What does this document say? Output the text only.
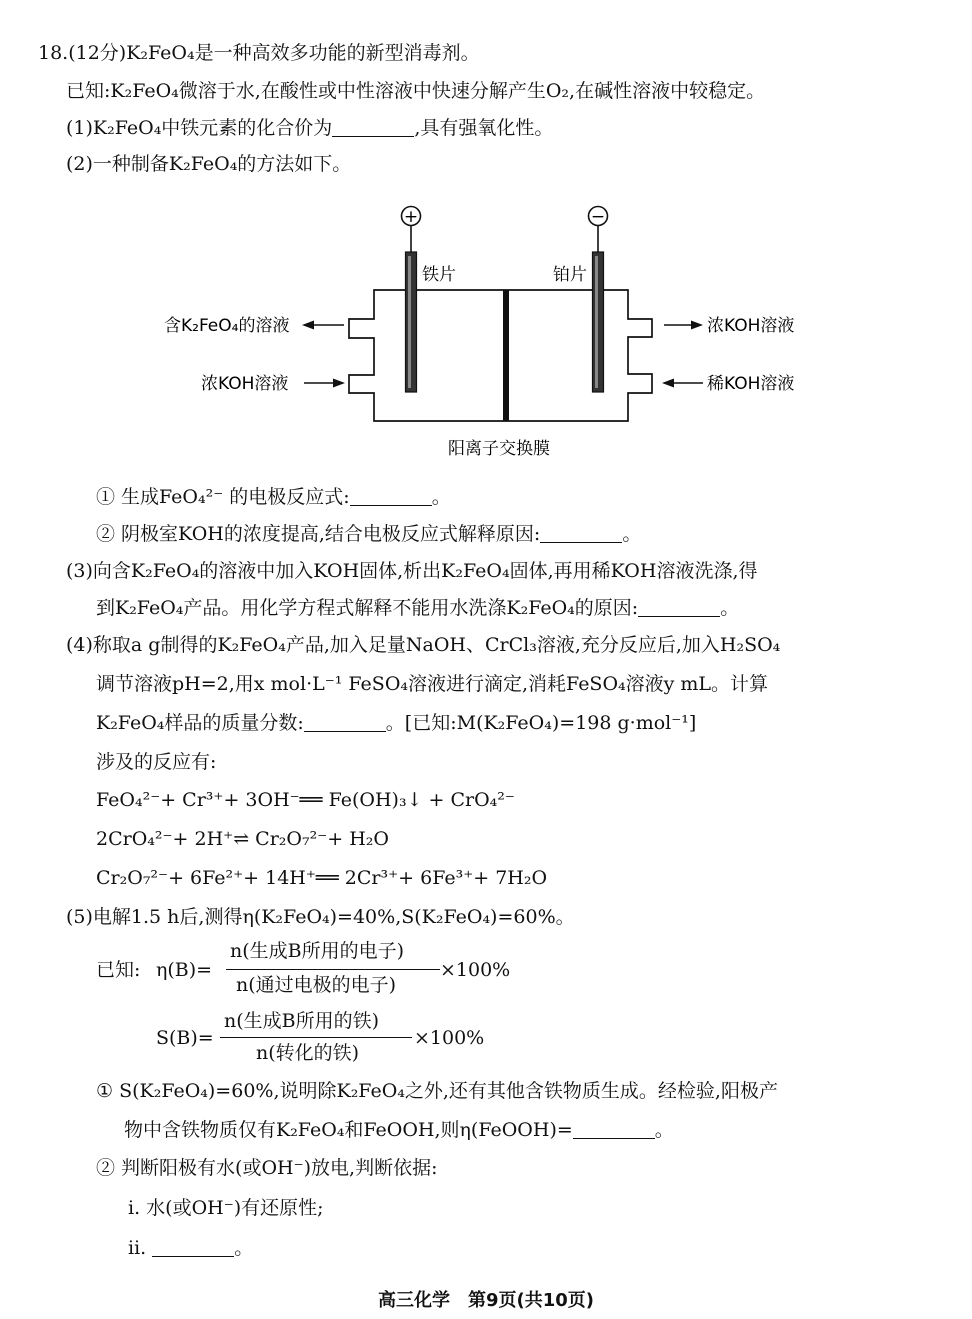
18.(12分)K₂FeO₄是一种高效多功能的新型消毒剂。
已知:K₂FeO₄微溶于水,在酸性或中性溶液中快速分解产生O₂,在碱性溶液中较稳定。
(1)K₂FeO₄中铁元素的化合价为	,具有强氧化性。
(2)一种制备K₂FeO₄的方法如下。
+	−
铁片	铂片
含K₂FeO₄的溶液
浓KOH溶液
浓KOH溶液
稀KOH溶液
阳离子交换膜
① 生成FeO₄²⁻ 的电极反应式:	。
② 阴极室KOH的浓度提高,结合电极反应式解释原因:	。
(3)向含K₂FeO₄的溶液中加入KOH固体,析出K₂FeO₄固体,再用稀KOH溶液洗涤,得
到K₂FeO₄产品。用化学方程式解释不能用水洗涤K₂FeO₄的原因:	。
(4)称取a g制得的K₂FeO₄产品,加入足量NaOH、CrCl₃溶液,充分反应后,加入H₂SO₄
调节溶液pH=2,用x mol·L⁻¹ FeSO₄溶液进行滴定,消耗FeSO₄溶液y mL。计算
K₂FeO₄样品的质量分数:	。[已知:M(K₂FeO₄)=198 g·mol⁻¹]
涉及的反应有:
FeO₄²⁻+ Cr³⁺+ 3OH⁻══ Fe(OH)₃↓ + CrO₄²⁻
2CrO₄²⁻+ 2H⁺⇌ Cr₂O₇²⁻+ H₂O
Cr₂O₇²⁻+ 6Fe²⁺+ 14H⁺══ 2Cr³⁺+ 6Fe³⁺+ 7H₂O
(5)电解1.5 h后,测得η(K₂FeO₄)=40%,S(K₂FeO₄)=60%。
已知: η(B)=
n(生成B所用的电子)
n(通过电极的电子)
×100%
S(B)=
n(生成B所用的铁)
n(转化的铁)
×100%
① S(K₂FeO₄)=60%,说明除K₂FeO₄之外,还有其他含铁物质生成。经检验,阳极产
物中含铁物质仅有K₂FeO₄和FeOOH,则η(FeOOH)=	。
② 判断阳极有水(或OH⁻)放电,判断依据:
ⅰ. 水(或OH⁻)有还原性;
ⅱ.	。
高三化学　第9页(共10页)
